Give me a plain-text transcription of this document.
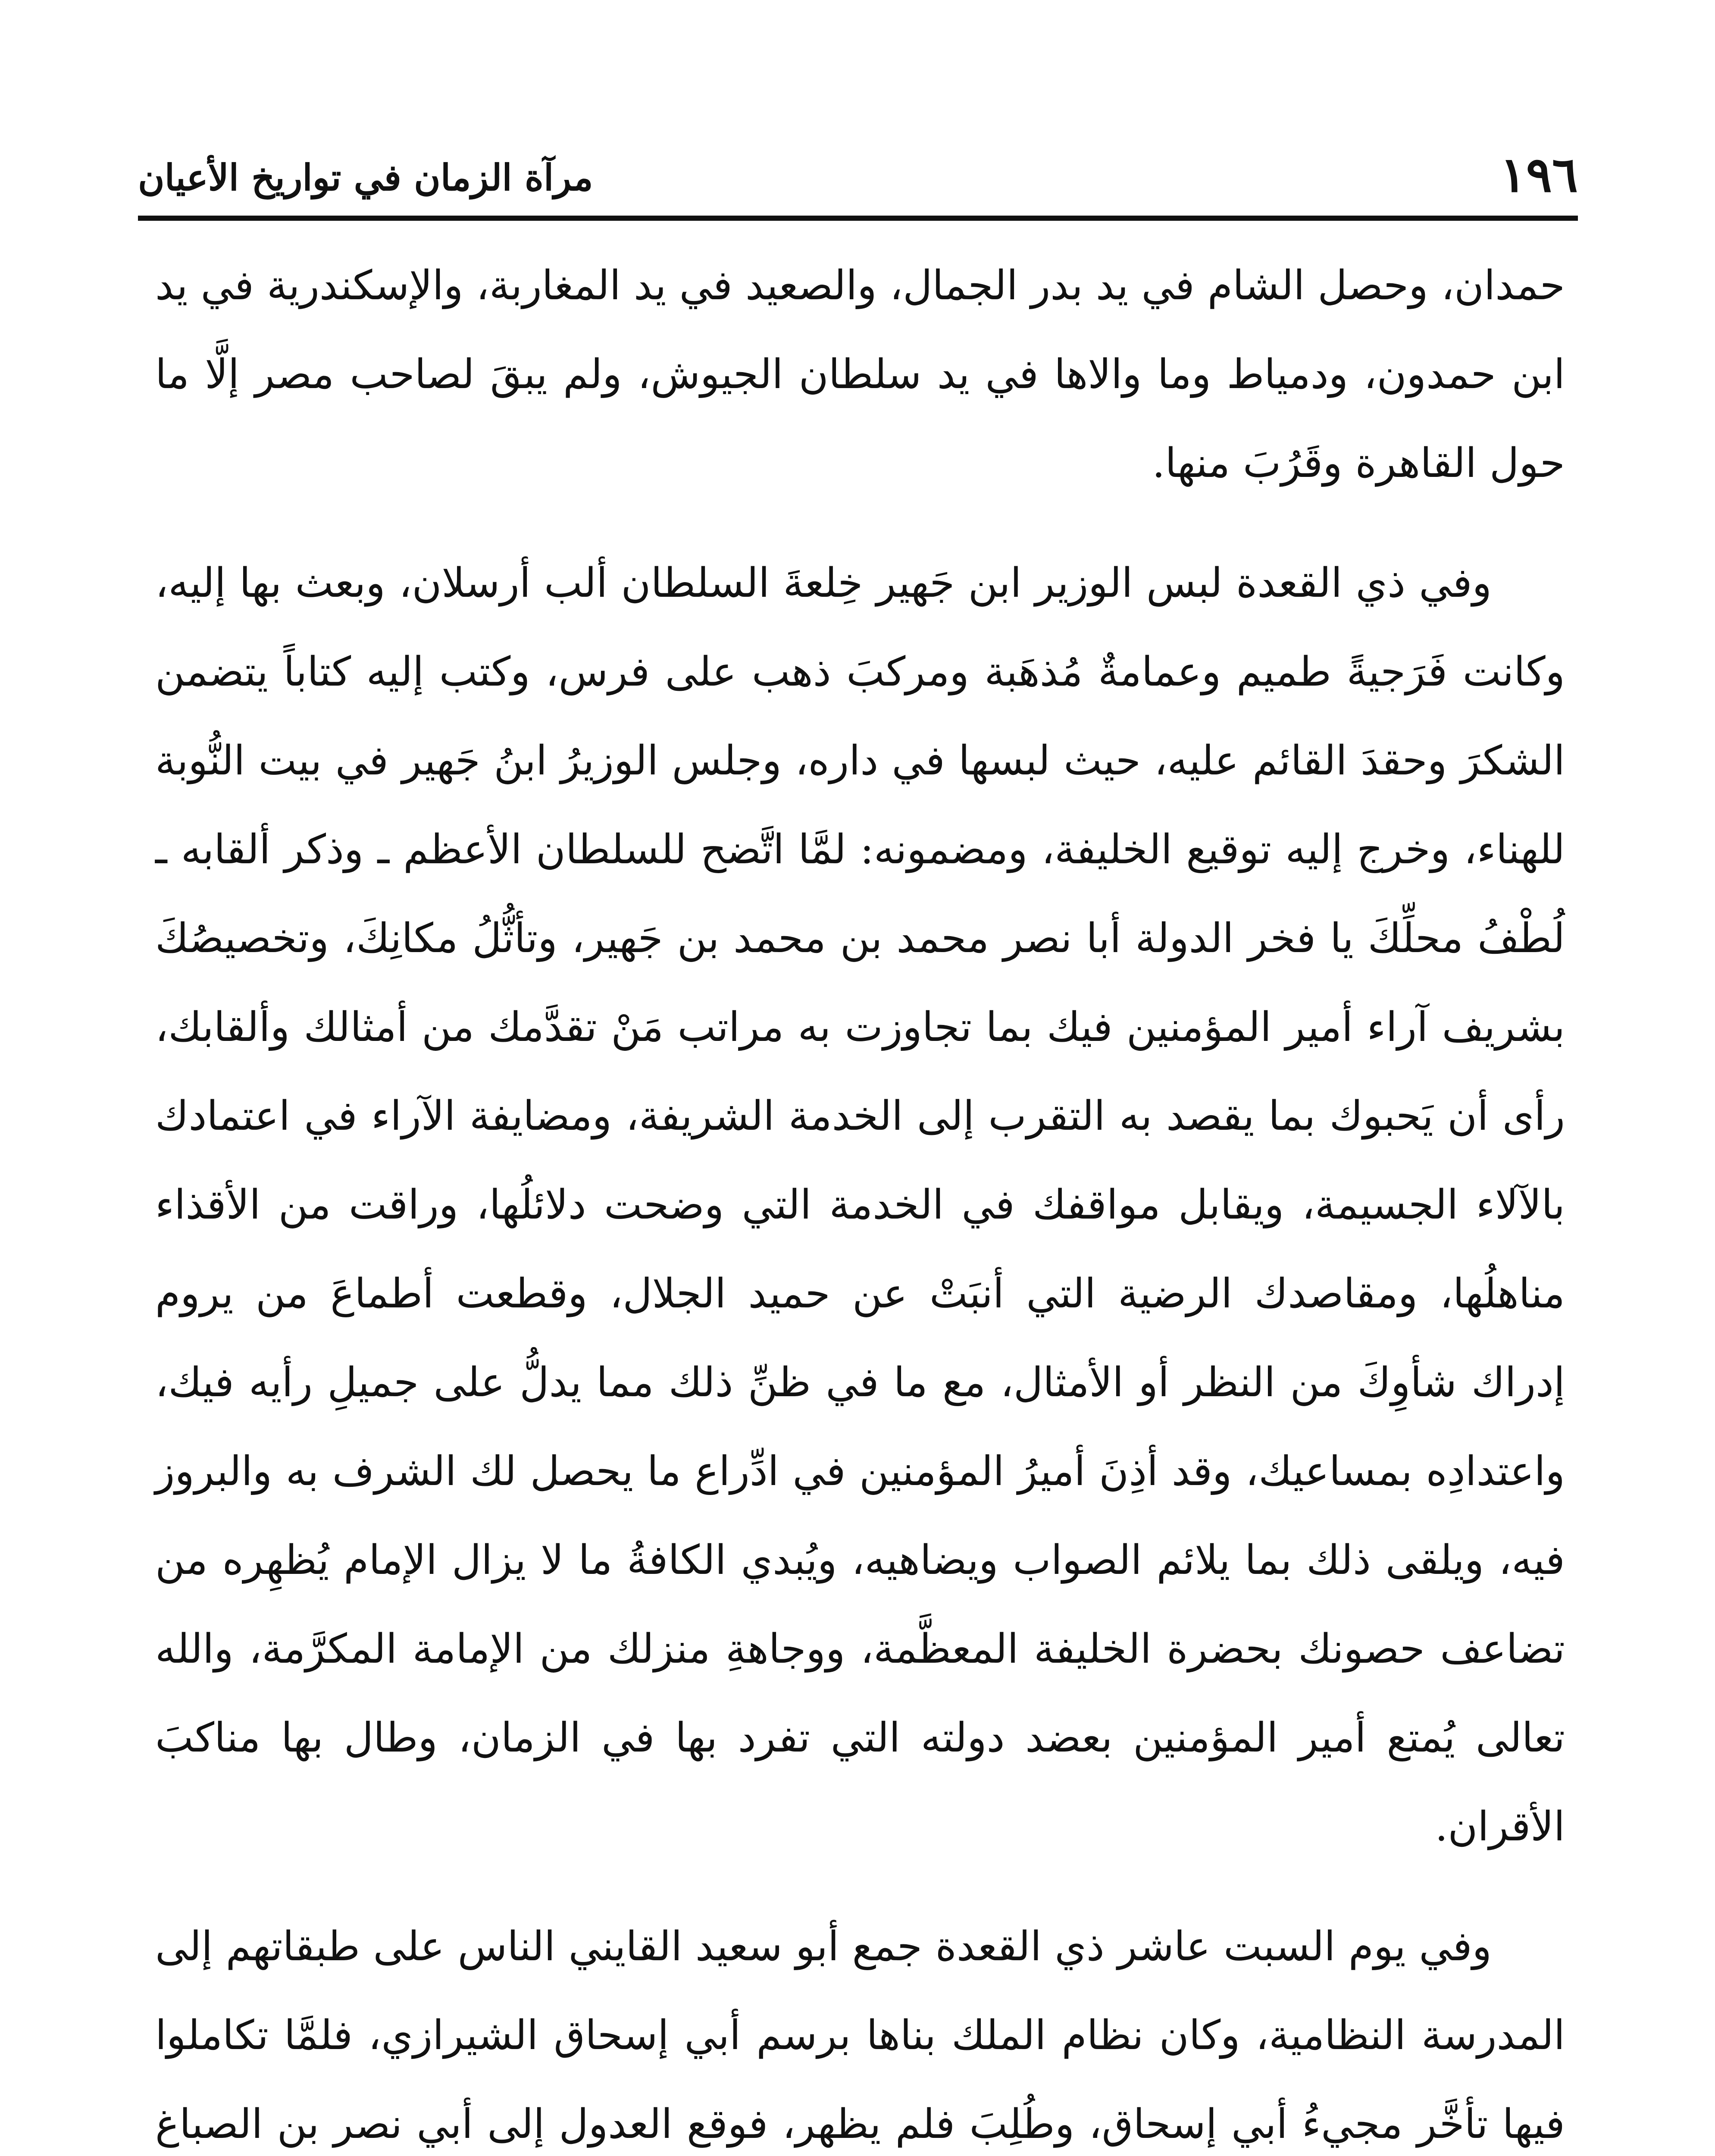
١٩٦
مرآة الزمان في تواريخ الأعيان

حمدان، وحصل الشام في يد بدر الجمال، والصعيد في يد المغاربة، والإسكندرية في يد ابن حمدون، ودمياط وما والاها في يد سلطان الجيوش، ولم يبقَ لصاحب مصر إلَّا ما حول القاهرة وقَرُبَ منها.

وفي ذي القعدة لبس الوزير ابن جَهير خِلعةَ السلطان ألب أرسلان، وبعث بها إليه، وكانت فَرَجيةً طميم وعمامةٌ مُذهَبة ومركبَ ذهب على فرس، وكتب إليه كتاباً يتضمن الشكرَ وحقدَ القائم عليه، حيث لبسها في داره، وجلس الوزيرُ ابنُ جَهير في بيت النُّوبة للهناء، وخرج إليه توقيع الخليفة، ومضمونه: لمَّا اتَّضح للسلطان الأعظم ـ وذكر ألقابه ـ لُطْفُ محلِّكَ يا فخر الدولة أبا نصر محمد بن محمد بن جَهير، وتأثُّلُ مكانِكَ، وتخصيصُكَ بشريف آراء أمير المؤمنين فيك بما تجاوزت به مراتب مَنْ تقدَّمك من أمثالك وألقابك، رأى أن يَحبوك بما يقصد به التقرب إلى الخدمة الشريفة، ومضايفة الآراء في اعتمادك بالآلاء الجسيمة، ويقابل مواقفك في الخدمة التي وضحت دلائلُها، وراقت من الأقذاء مناهلُها، ومقاصدك الرضية التي أنبَتْ عن حميد الجلال، وقطعت أطماعَ من يروم إدراك شأوِكَ من النظر أو الأمثال، مع ما في ظنِّ ذلك مما يدلُّ على جميلِ رأيه فيك، واعتدادِه بمساعيك، وقد أذِنَ أميرُ المؤمنين في ادِّراع ما يحصل لك الشرف به والبروز فيه، ويلقى ذلك بما يلائم الصواب ويضاهيه، ويُبدي الكافةُ ما لا يزال الإمام يُظهِره من تضاعف حصونك بحضرة الخليفة المعظَّمة، ووجاهةِ منزلك من الإمامة المكرَّمة، والله تعالى يُمتع أمير المؤمنين بعضد دولته التي تفرد بها في الزمان، وطال بها مناكبَ الأقران.

وفي يوم السبت عاشر ذي القعدة جمع أبو سعيد القايني الناس على طبقاتهم إلى المدرسة النظامية، وكان نظام الملك بناها برسم أبي إسحاق الشيرازي، فلمَّا تكاملوا فيها تأخَّر مجيءُ أبي إسحاق، وطُلِبَ فلم يظهر، فوقع العدول إلى أبي نصر بن الصباغ
